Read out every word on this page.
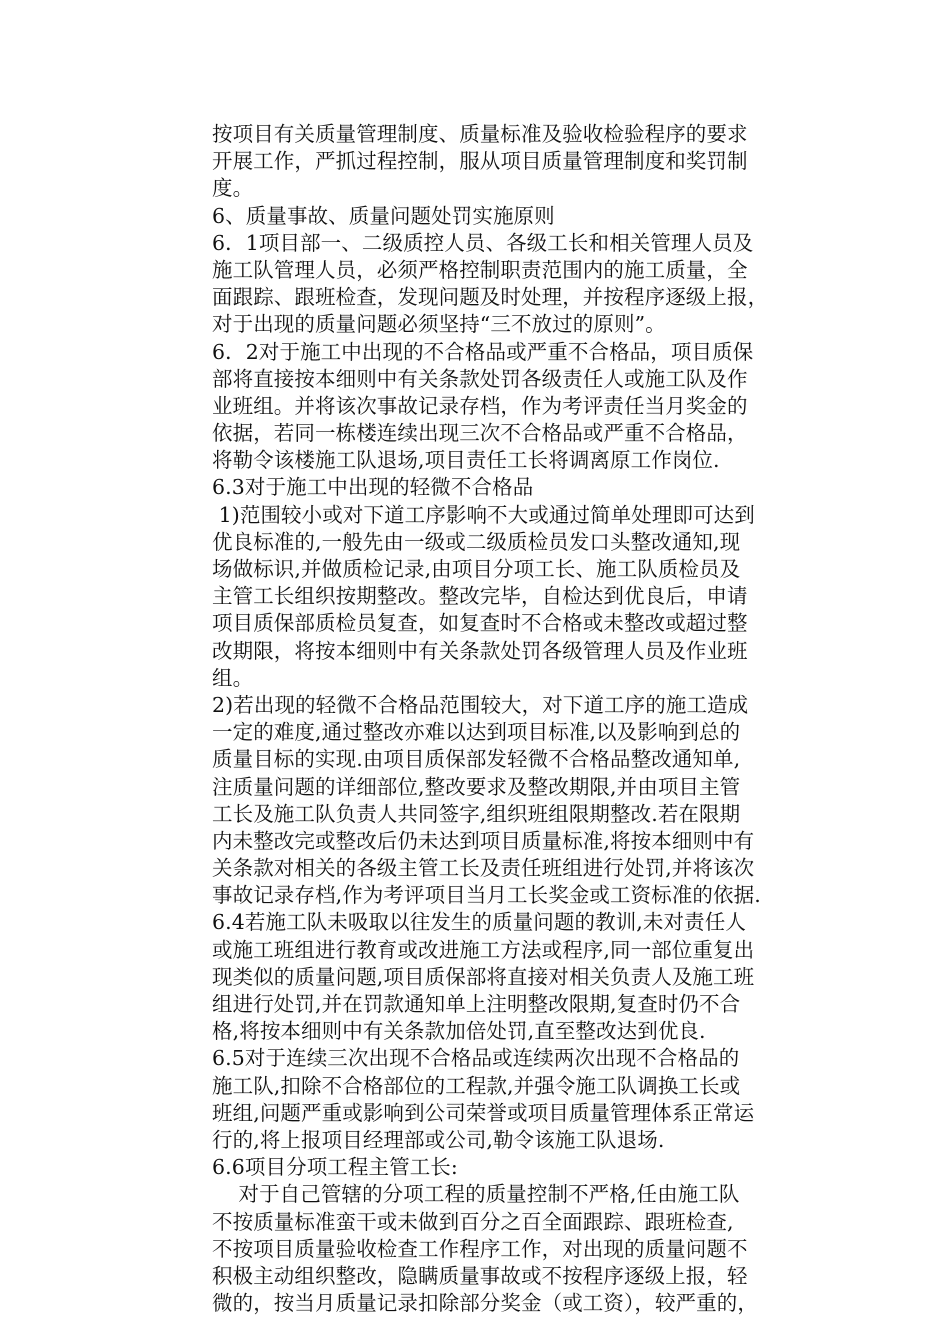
按项目有关质量管理制度、质量标准及验收检验程序的要求
开展工作，严抓过程控制，服从项目质量管理制度和奖罚制
度。
6、质量事故、质量问题处罚实施原则
6．1项目部一、二级质控人员、各级工长和相关管理人员及
施工队管理人员，必须严格控制职责范围内的施工质量，全
面跟踪、跟班检查，发现问题及时处理，并按程序逐级上报，
对于出现的质量问题必须坚持“三不放过的原则”。
6．2对于施工中出现的不合格品或严重不合格品，项目质保
部将直接按本细则中有关条款处罚各级责任人或施工队及作
业班组。并将该次事故记录存档，作为考评责任当月奖金的
依据，若同一栋楼连续出现三次不合格品或严重不合格品，
将勒令该楼施工队退场,项目责任工长将调离原工作岗位.
6.3对于施工中出现的轻微不合格品
1)范围较小或对下道工序影响不大或通过简单处理即可达到
优良标准的,一般先由一级或二级质检员发口头整改通知,现
场做标识,并做质检记录,由项目分项工长、施工队质检员及
主管工长组织按期整改。整改完毕，自检达到优良后，申请
项目质保部质检员复查，如复查时不合格或未整改或超过整
改期限，将按本细则中有关条款处罚各级管理人员及作业班
组。
2)若出现的轻微不合格品范围较大，对下道工序的施工造成
一定的难度,通过整改亦难以达到项目标准,以及影响到总的
质量目标的实现.由项目质保部发轻微不合格品整改通知单,
注质量问题的详细部位,整改要求及整改期限,并由项目主管
工长及施工队负责人共同签字,组织班组限期整改.若在限期
内未整改完或整改后仍未达到项目质量标准,将按本细则中有
关条款对相关的各级主管工长及责任班组进行处罚,并将该次
事故记录存档,作为考评项目当月工长奖金或工资标准的依据.
6.4若施工队未吸取以往发生的质量问题的教训,未对责任人
或施工班组进行教育或改进施工方法或程序,同一部位重复出
现类似的质量问题,项目质保部将直接对相关负责人及施工班
组进行处罚,并在罚款通知单上注明整改限期,复查时仍不合
格,将按本细则中有关条款加倍处罚,直至整改达到优良.
6.5对于连续三次出现不合格品或连续两次出现不合格品的
施工队,扣除不合格部位的工程款,并强令施工队调换工长或
班组,问题严重或影响到公司荣誉或项目质量管理体系正常运
行的,将上报项目经理部或公司,勒令该施工队退场.
6.6项目分项工程主管工长:
对于自己管辖的分项工程的质量控制不严格,任由施工队
不按质量标准蛮干或未做到百分之百全面跟踪、跟班检查,
不按项目质量验收检查工作程序工作，对出现的质量问题不
积极主动组织整改，隐瞒质量事故或不按程序逐级上报，轻
微的，按当月质量记录扣除部分奖金（或工资），较严重的，
